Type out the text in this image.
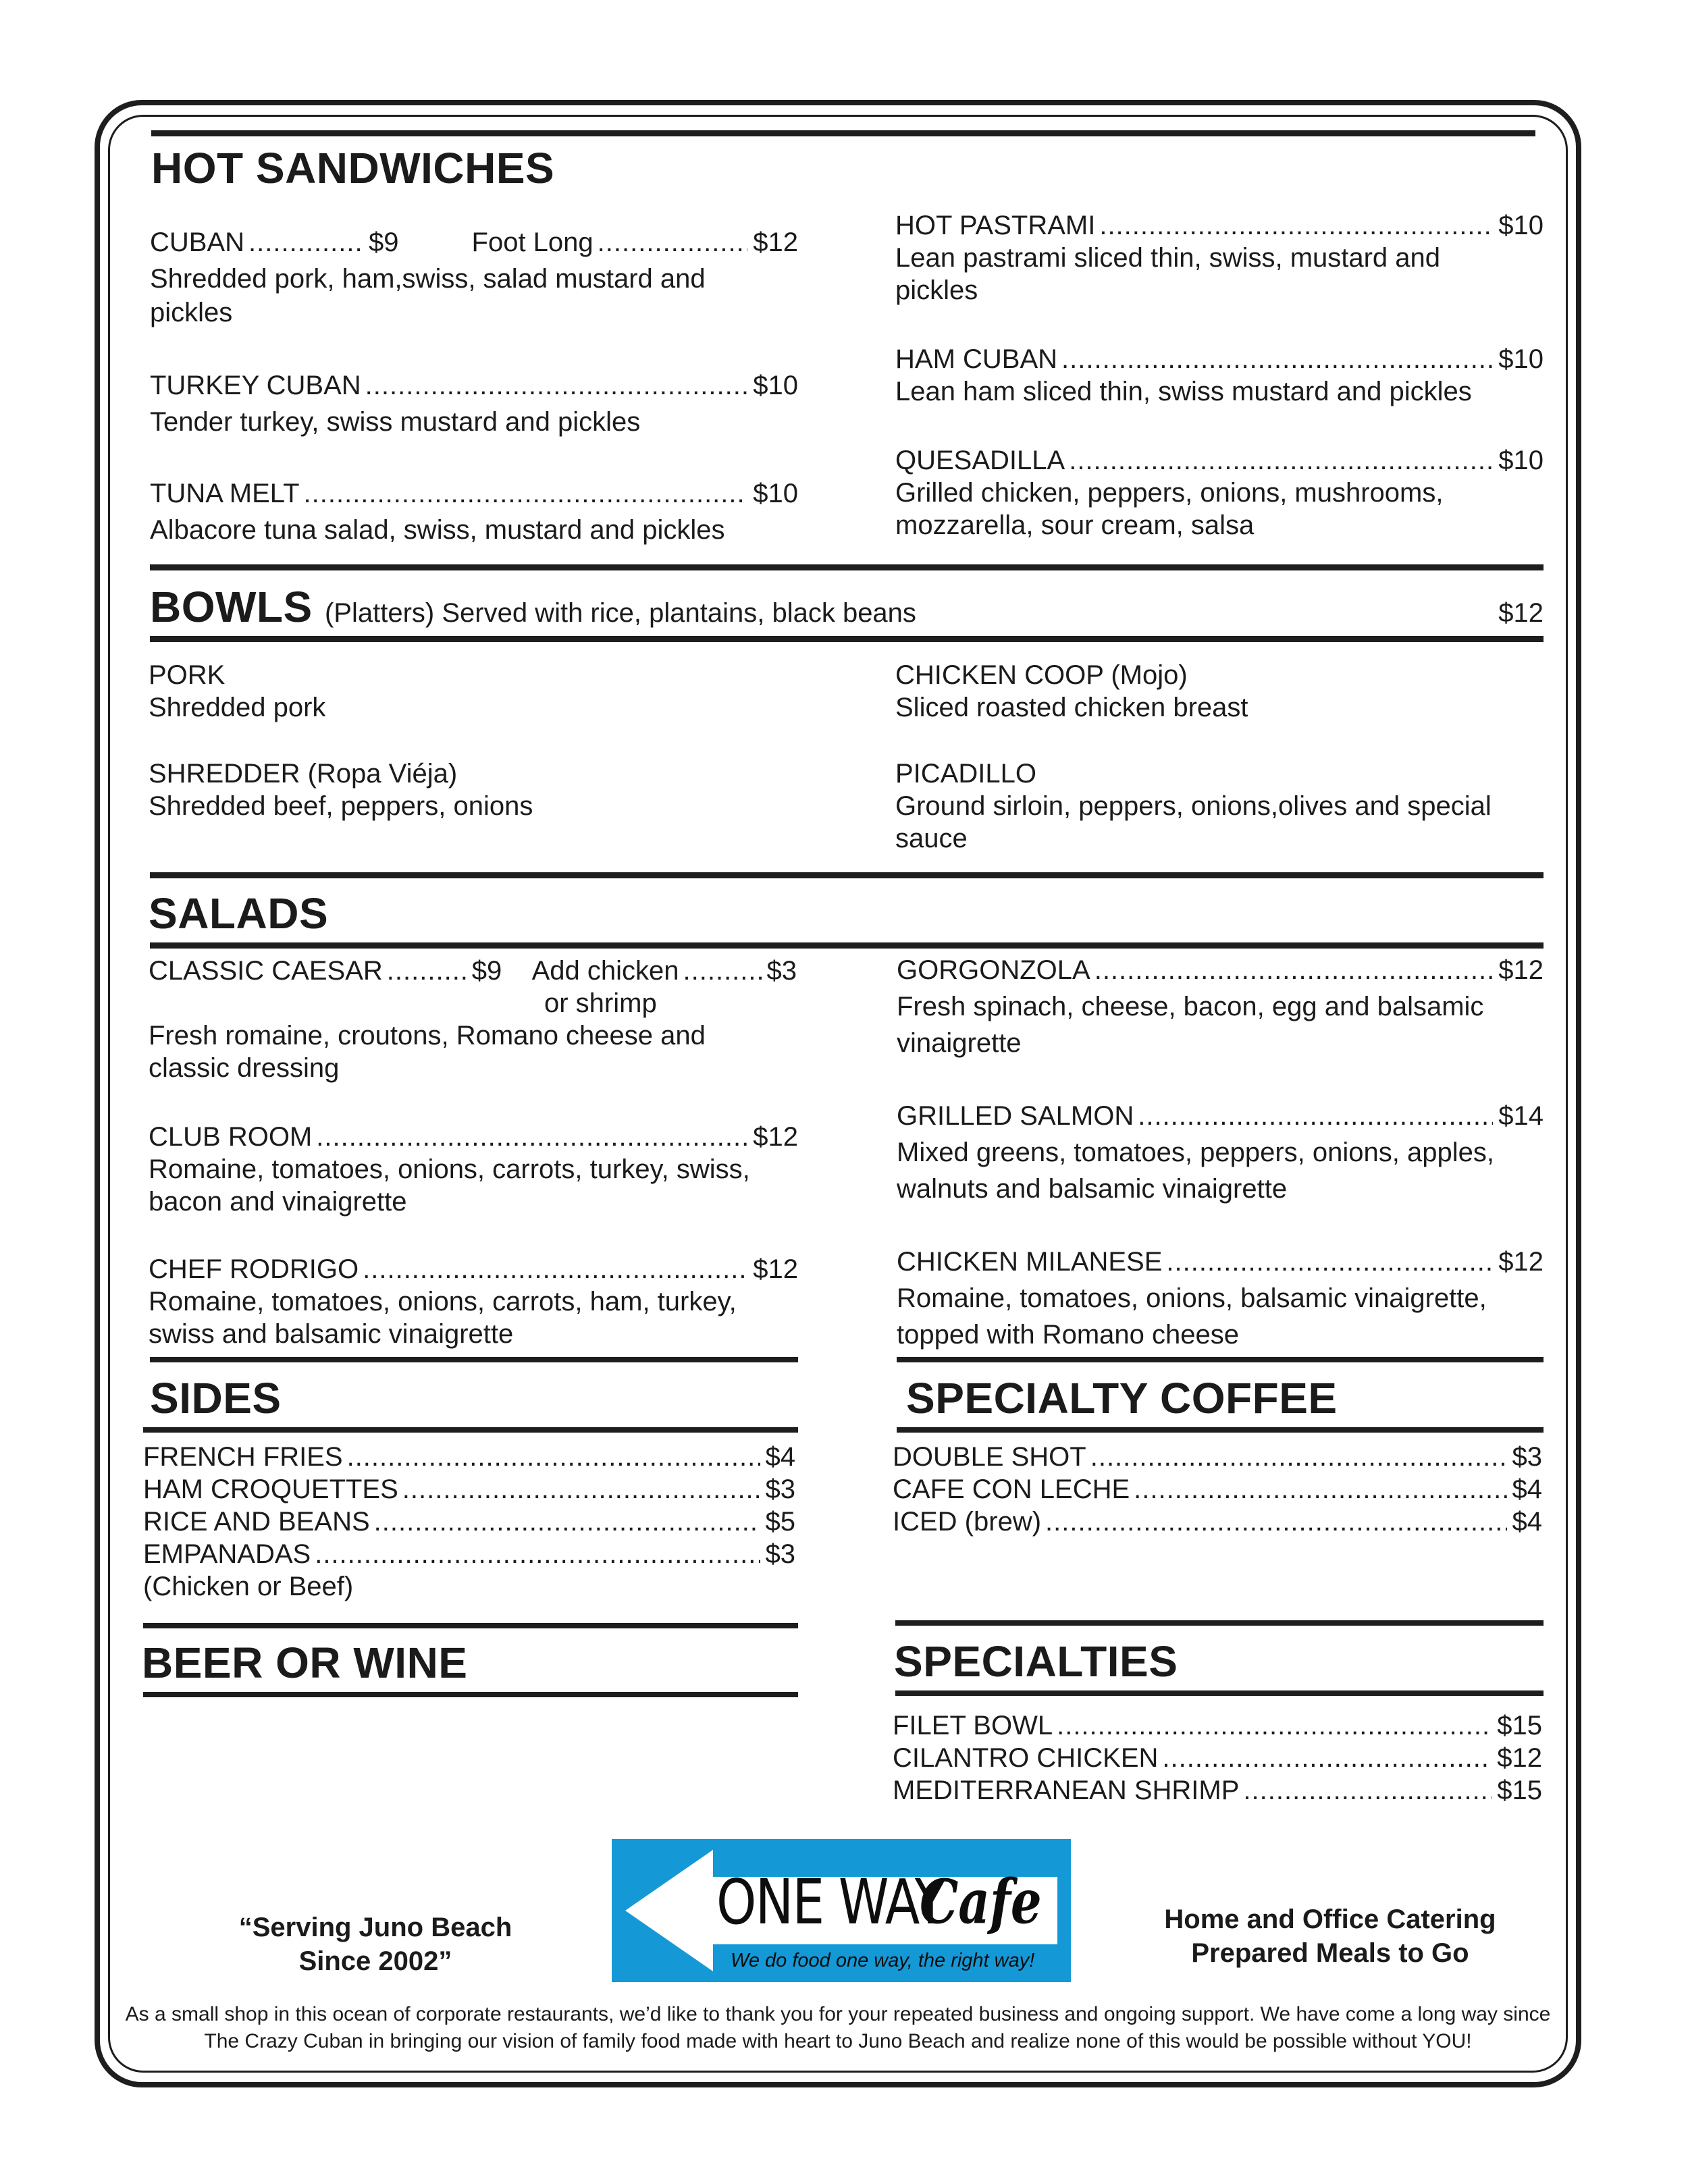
HOT SANDWICHES
CUBAN .....	$9	Foot Long .....	$12
Shredded pork, ham,swiss, salad mustard and pickles
TURKEY CUBAN .....	$10
Tender turkey, swiss mustard and pickles
TUNA MELT .....	$10
Albacore tuna salad, swiss, mustard and pickles
HOT PASTRAMI .....	$10
Lean pastrami sliced thin, swiss, mustard and pickles
HAM CUBAN .....	$10
Lean ham sliced thin, swiss mustard and pickles
QUESADILLA .....	$10
Grilled chicken, peppers, onions, mushrooms, mozzarella, sour cream, salsa
BOWLS (Platters) Served with rice, plantains, black beans	$12
PORK
Shredded pork
SHREDDER (Ropa Viéja)
Shredded beef, peppers, onions
CHICKEN COOP (Mojo)
Sliced roasted chicken breast
PICADILLO
Ground sirloin, peppers, onions,olives and special sauce
SALADS
CLASSIC CAESAR .....	$9 Add chicken .....	$3
or shrimp
Fresh romaine, croutons, Romano cheese and classic dressing
CLUB ROOM .....	$12
Romaine, tomatoes, onions, carrots, turkey, swiss, bacon and vinaigrette
CHEF RODRIGO .....	$12
Romaine, tomatoes, onions, carrots, ham, turkey, swiss and balsamic vinaigrette
GORGONZOLA .....	$12
Fresh spinach, cheese, bacon, egg and balsamic vinaigrette
GRILLED SALMON .....	$14
Mixed greens, tomatoes, peppers, onions, apples, walnuts and balsamic vinaigrette
CHICKEN MILANESE .....	$12
Romaine, tomatoes, onions, balsamic vinaigrette, topped with Romano cheese
SIDES
FRENCH FRIES .....	$4
HAM CROQUETTES .....	$3
RICE AND BEANS .....	$5
EMPANADAS .....	$3
(Chicken or Beef)
SPECIALTY COFFEE
DOUBLE SHOT .....	$3
CAFE CON LECHE .....	$4
ICED (brew) .....	$4
BEER OR WINE	SPECIALTIES
FILET BOWL .....	$15
CILANTRO CHICKEN .....	$12
MEDITERRANEAN SHRIMP .....	$15
“Serving Juno Beach
Since 2002”
ONE WAY
Cafe
We do food one way, the right way!
Home and Office Catering
Prepared Meals to Go
As a small shop in this ocean of corporate restaurants, we’d like to thank you for your repeated business and ongoing support. We have come a long way since
The Crazy Cuban in bringing our vision of family food made with heart to Juno Beach and realize none of this would be possible without YOU!
